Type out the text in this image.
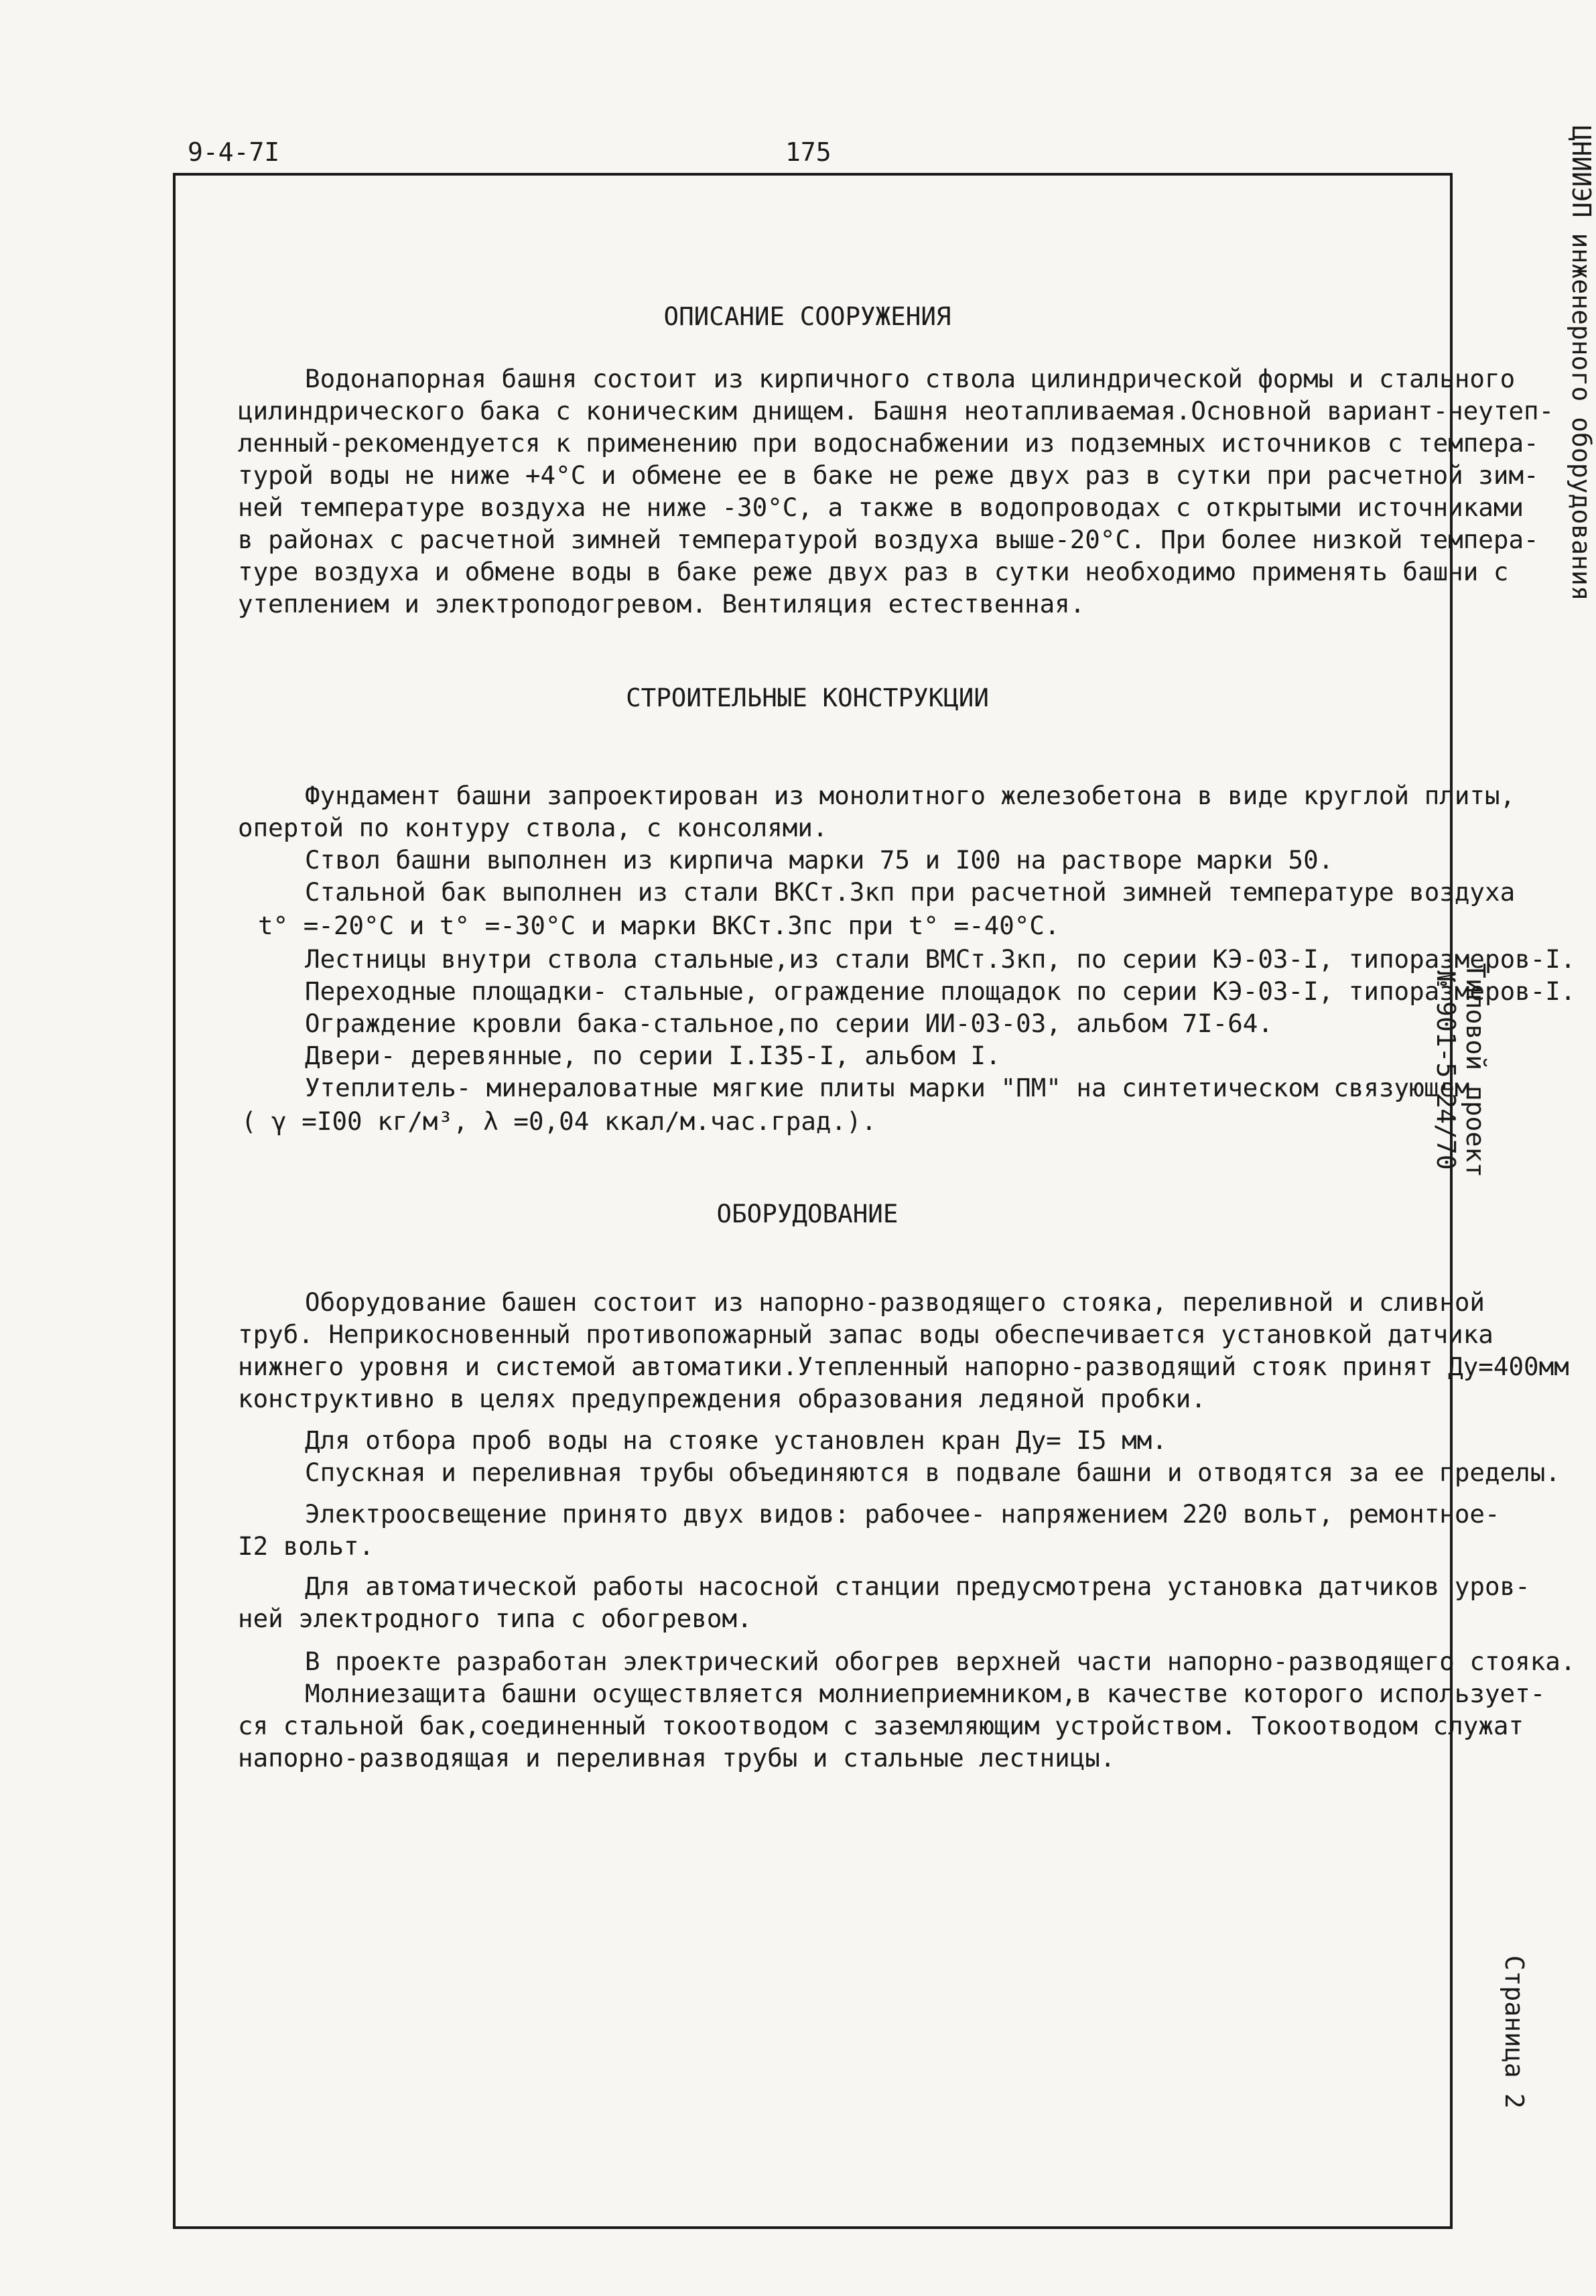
9-4-7I	175	ЦНИИЭП инженерного оборудования
Типовой проект
№ 901-5-24/70
Страница 2
ОПИСАНИЕ СООРУЖЕНИЯ
Водонапорная башня состоит из кирпичного ствола цилиндрической формы и стального
цилиндрического бака с коническим днищем. Башня неотапливаемая.Основной вариант-неутеп-
ленный-рекомендуется к применению при водоснабжении из подземных источников с темпера-
турой воды не ниже +4°С и обмене ее в баке не реже двух раз в сутки при расчетной зим-
ней температуре воздуха не ниже -30°С, а также в водопроводах с открытыми источниками
в районах с расчетной зимней температурой воздуха выше-20°С. При более низкой темпера-
туре воздуха и обмене воды в баке реже двух раз в сутки необходимо применять башни с
утеплением и электроподогревом. Вентиляция естественная.
СТРОИТЕЛЬНЫЕ КОНСТРУКЦИИ
Фундамент башни запроектирован из монолитного железобетона в виде круглой плиты,
опертой по контуру ствола, с консолями.
Ствол башни выполнен из кирпича марки 75 и I00 на растворе марки 50.
Стальной бак выполнен из стали ВКСт.3кп при расчетной зимней температуре воздуха
t° =-20°С и t° =-30°С и марки ВКСт.3пс при t° =-40°С.
Лестницы внутри ствола стальные,из стали ВМСт.3кп, по серии КЭ-03-I, типоразмеров-I.
Переходные площадки- стальные, ограждение площадок по серии КЭ-03-I, типоразмеров-I.
Ограждение кровли бака-стальное,по серии ИИ-03-03, альбом 7I-64.
Двери- деревянные, по серии I.I35-I, альбом I.
Утеплитель- минераловатные мягкие плиты марки "ПМ" на синтетическом связующем
( γ =I00 кг/м³, λ =0,04 ккал/м.час.град.).
ОБОРУДОВАНИЕ
Оборудование башен состоит из напорно-разводящего стояка, переливной и сливной
труб. Неприкосновенный противопожарный запас воды обеспечивается установкой датчика
нижнего уровня и системой автоматики.Утепленный напорно-разводящий стояк принят Ду=400мм
конструктивно в целях предупреждения образования ледяной пробки.
Для отбора проб воды на стояке установлен кран Ду= I5 мм.
Спускная и переливная трубы объединяются в подвале башни и отводятся за ее пределы.
Электроосвещение принято двух видов: рабочее- напряжением 220 вольт, ремонтное-
I2 вольт.
Для автоматической работы насосной станции предусмотрена установка датчиков уров-
ней электродного типа с обогревом.
В проекте разработан электрический обогрев верхней части напорно-разводящего стояка.
Молниезащита башни осуществляется молниеприемником,в качестве которого использует-
ся стальной бак,соединенный токоотводом с заземляющим устройством. Токоотводом служат
напорно-разводящая и переливная трубы и стальные лестницы.
